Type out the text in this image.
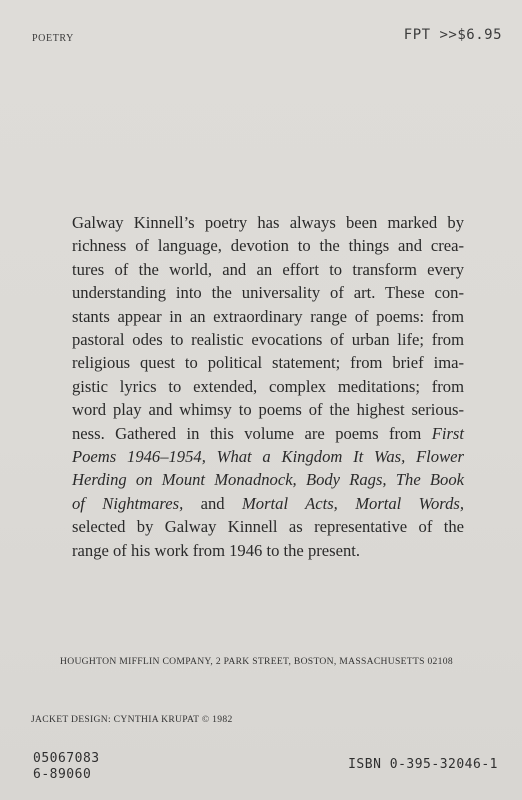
POETRY	FPT >>$6.95
Galway Kinnell’s poetry has always been marked by
richness of language, devotion to the things and crea-
tures of the world, and an effort to transform every
understanding into the universality of art. These con-
stants appear in an extraordinary range of poems: from
pastoral odes to realistic evocations of urban life; from
religious quest to political statement; from brief ima-
gistic lyrics to extended, complex meditations; from
word play and whimsy to poems of the highest serious-
ness. Gathered in this volume are poems from First
Poems 1946–1954, What a Kingdom It Was, Flower
Herding on Mount Monadnock, Body Rags, The Book
of Nightmares, and Mortal Acts, Mortal Words,
selected by Galway Kinnell as representative of the
range of his work from 1946 to the present.
HOUGHTON MIFFLIN COMPANY, 2 PARK STREET, BOSTON, MASSACHUSETTS 02108
JACKET DESIGN: CYNTHIA KRUPAT © 1982
05067083
6-89060
ISBN 0-395-32046-1
